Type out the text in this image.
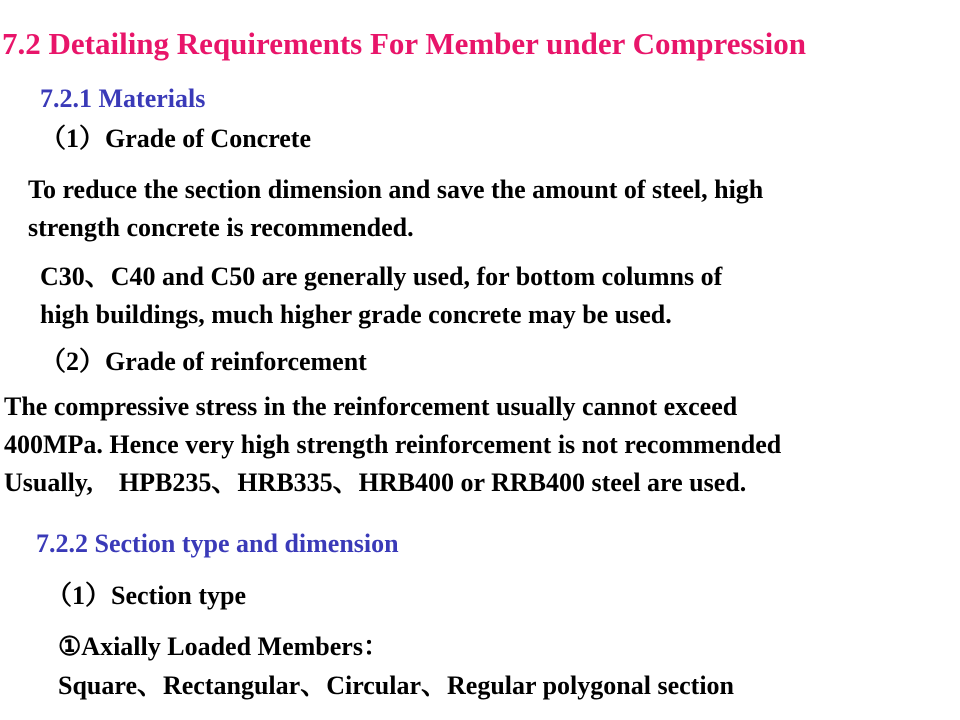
7.2 Detailing Requirements For Member under Compression
7.2.1 Materials
（1）Grade of Concrete
To reduce the section dimension and save the amount of steel, high
strength concrete is recommended.
C30、C40 and C50 are generally used, for bottom columns of
high buildings, much higher grade concrete may be used.
（2）Grade of reinforcement
The compressive stress in the reinforcement usually cannot exceed
400MPa. Hence very high strength reinforcement is not recommended
Usually,    HPB235、HRB335、HRB400 or RRB400 steel are used.
7.2.2 Section type and dimension
（1）Section type
①Axially Loaded Members：
Square、Rectangular、Circular、Regular polygonal section
